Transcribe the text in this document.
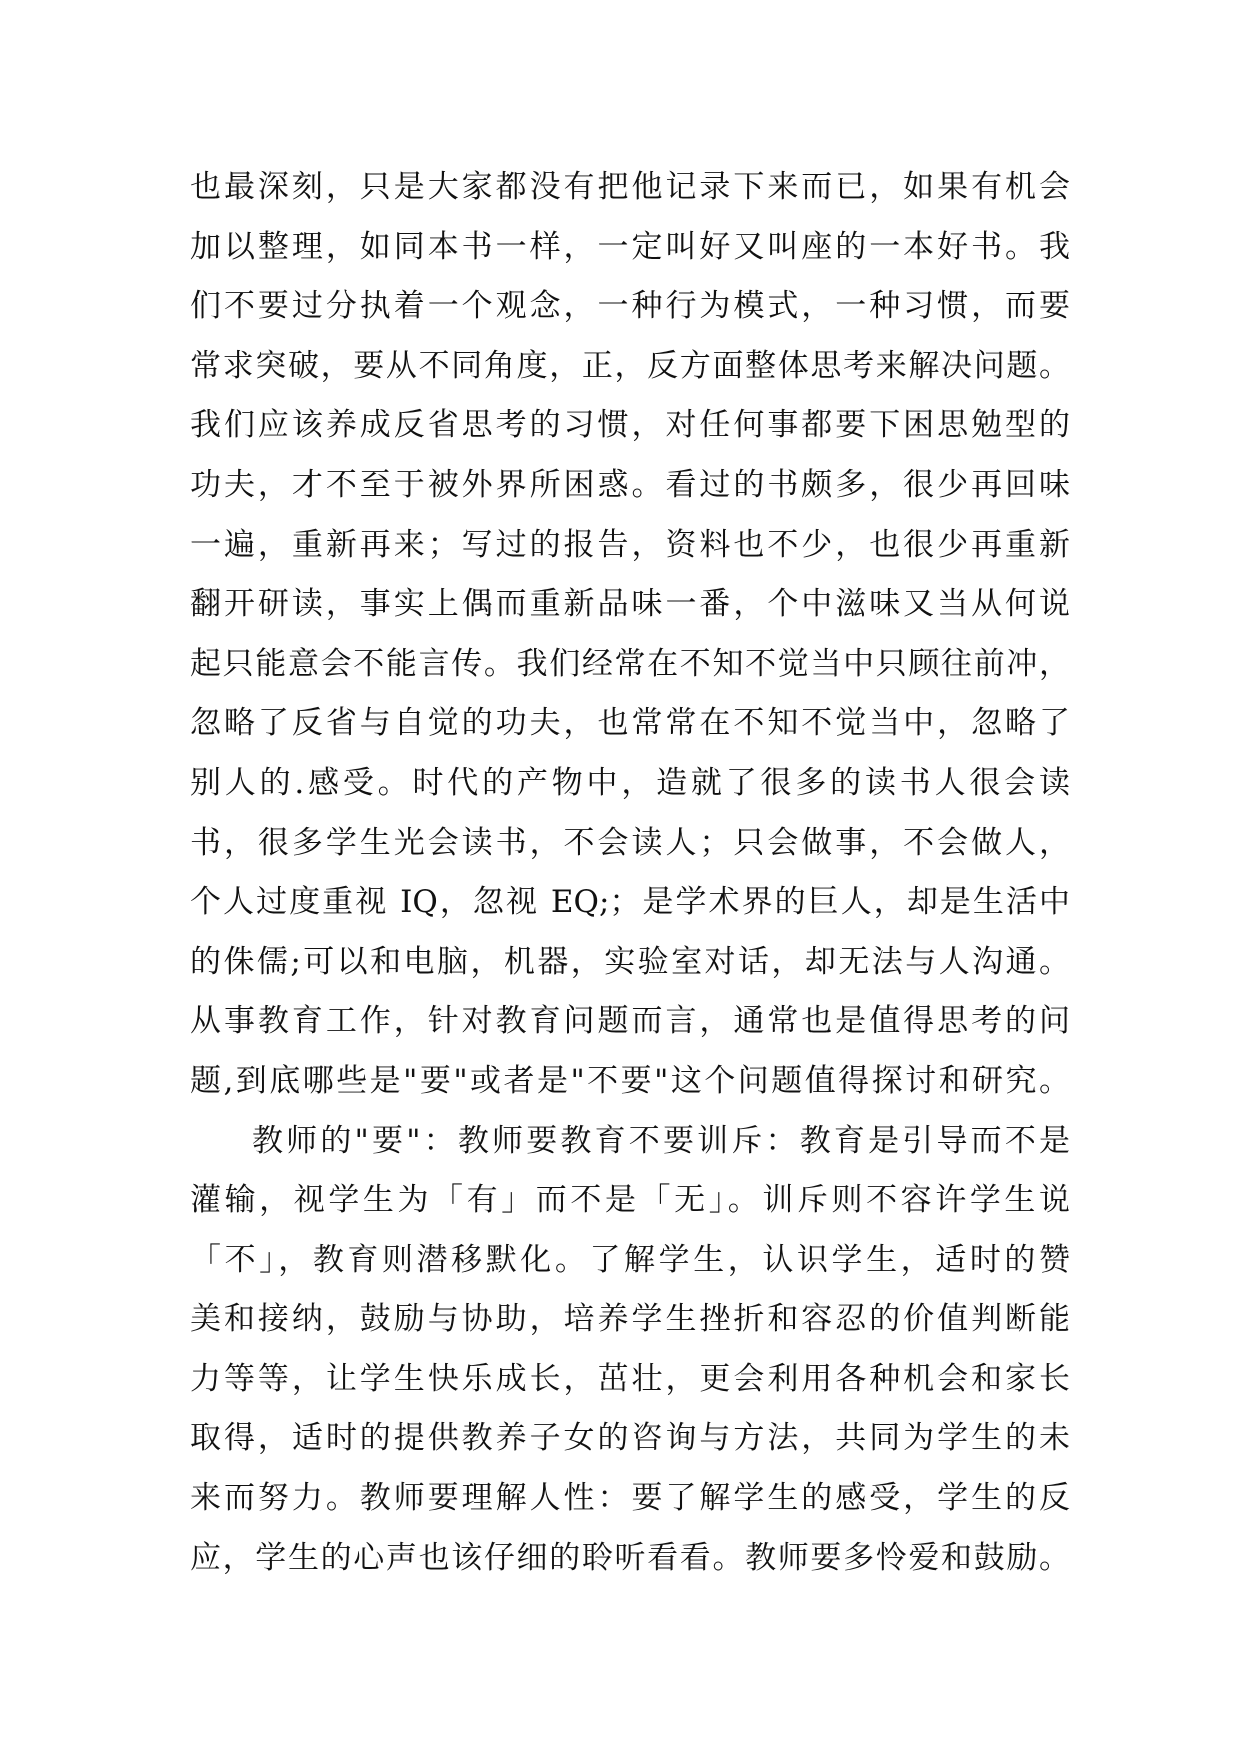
也最深刻，只是大家都没有把他记录下来而已，如果有机会
加以整理，如同本书一样，一定叫好又叫座的一本好书。我
们不要过分执着一个观念，一种行为模式，一种习惯，而要
常求突破，要从不同角度，正，反方面整体思考来解决问题。
我们应该养成反省思考的习惯，对任何事都要下困思勉型的
功夫，才不至于被外界所困惑。看过的书颇多，很少再回味
一遍，重新再来；写过的报告，资料也不少，也很少再重新
翻开研读，事实上偶而重新品味一番，个中滋味又当从何说
起只能意会不能言传。我们经常在不知不觉当中只顾往前冲，
忽略了反省与自觉的功夫，也常常在不知不觉当中，忽略了
别人的.感受。时代的产物中，造就了很多的读书人很会读
书，很多学生光会读书，不会读人；只会做事，不会做人，
个人过度重视 IQ，忽视 EQ;；是学术界的巨人，却是生活中
的侏儒;可以和电脑，机器，实验室对话，却无法与人沟通。
从事教育工作，针对教育问题而言，通常也是值得思考的问
题,到底哪些是"要"或者是"不要"这个问题值得探讨和研究。
教师的"要"：教师要教育不要训斥：教育是引导而不是
灌输，视学生为「有」而不是「无」。训斥则不容许学生说
「不」，教育则潜移默化。了解学生，认识学生，适时的赞
美和接纳，鼓励与协助，培养学生挫折和容忍的价值判断能
力等等，让学生快乐成长，茁壮，更会利用各种机会和家长
取得，适时的提供教养子女的咨询与方法，共同为学生的未
来而努力。教师要理解人性：要了解学生的感受，学生的反
应，学生的心声也该仔细的聆听看看。教师要多怜爱和鼓励。
